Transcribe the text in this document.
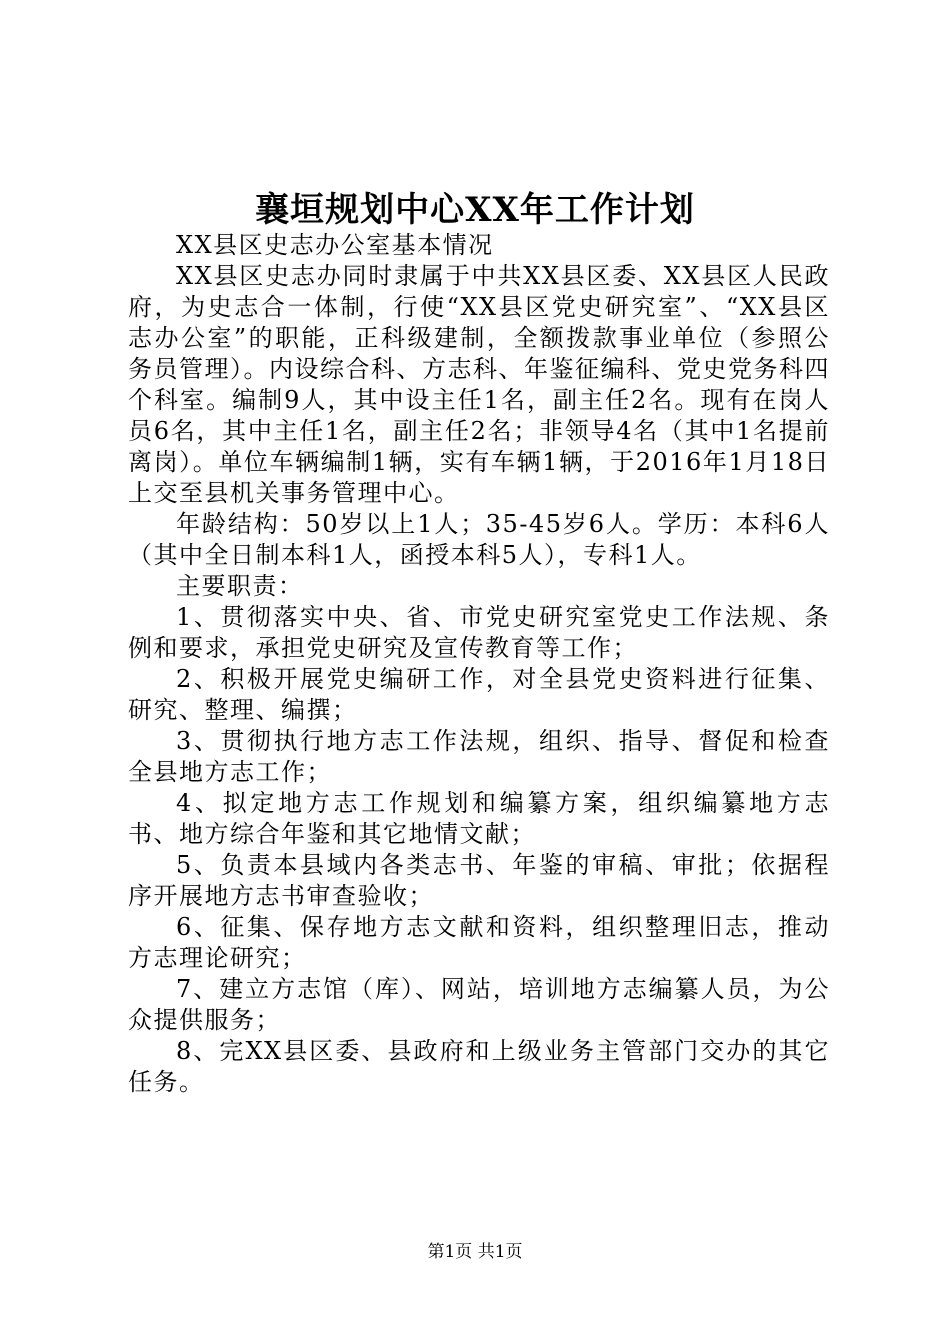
襄垣规划中心XX年工作计划

XX县区史志办公室基本情况

XX县区史志办同时隶属于中共XX县区委、XX县区人民政府，为史志合一体制，行使“XX县区党史研究室”、“XX县区志办公室”的职能，正科级建制，全额拨款事业单位（参照公务员管理）。内设综合科、方志科、年鉴征编科、党史党务科四个科室。编制9人，其中设主任1名，副主任2名。现有在岗人员6名，其中主任1名，副主任2名；非领导4名（其中1名提前离岗）。单位车辆编制1辆，实有车辆1辆，于2016年1月18日上交至县机关事务管理中心。

年龄结构：50岁以上1人；35-45岁6人。学历：本科6人（其中全日制本科1人，函授本科5人），专科1人。

主要职责：

1、贯彻落实中央、省、市党史研究室党史工作法规、条例和要求，承担党史研究及宣传教育等工作；

2、积极开展党史编研工作，对全县党史资料进行征集、研究、整理、编撰；

3、贯彻执行地方志工作法规，组织、指导、督促和检查全县地方志工作；

4、拟定地方志工作规划和编纂方案，组织编纂地方志书、地方综合年鉴和其它地情文献；

5、负责本县域内各类志书、年鉴的审稿、审批；依据程序开展地方志书审查验收；

6、征集、保存地方志文献和资料，组织整理旧志，推动方志理论研究；

7、建立方志馆（库）、网站，培训地方志编纂人员，为公众提供服务；

8、完XX县区委、县政府和上级业务主管部门交办的其它任务。

第1页 共1页
